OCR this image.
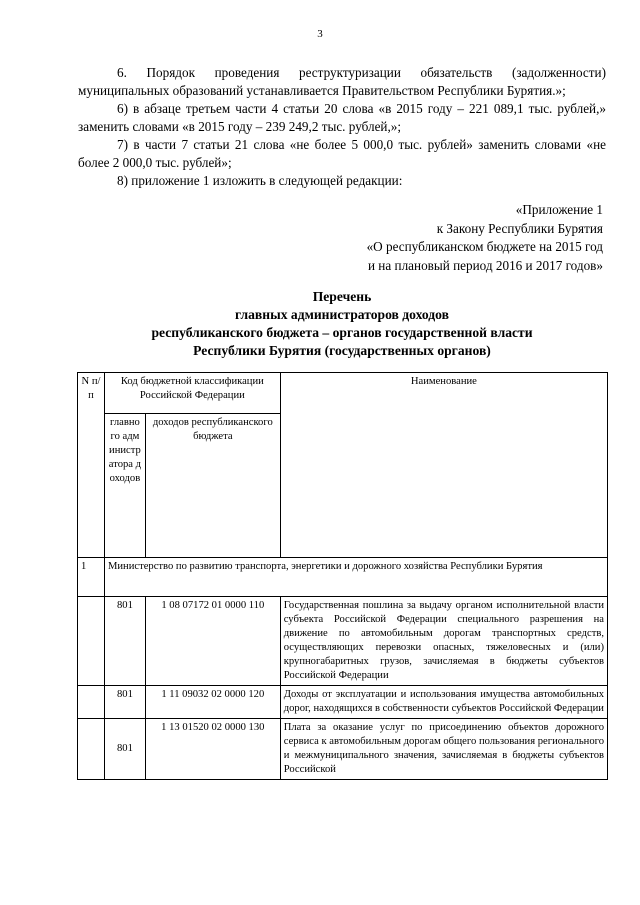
3
6. Порядок проведения реструктуризации обязательств (задолженности) муниципальных образований устанавливается Правительством Республики Бурятия.»;
6) в абзаце третьем части 4 статьи 20 слова «в 2015 году – 221 089,1 тыс. рублей,» заменить словами «в 2015 году – 239 249,2 тыс. рублей,»;
7) в части 7 статьи 21 слова «не более 5 000,0 тыс. рублей» заменить словами «не более 2 000,0 тыс. рублей»;
8) приложение 1 изложить в следующей редакции:
«Приложение 1
к Закону Республики Бурятия
«О республиканском бюджете на 2015 год
и на плановый период 2016 и 2017 годов»
Перечень
главных администраторов доходов
республиканского бюджета – органов государственной власти
Республики Бурятия (государственных органов)
N п/п	Код бюджетной классификации Российской Федерации		Наименование
	главного администратора доходов	доходов республиканского бюджета	
1	Министерство по развитию транспорта, энергетики и дорожного хозяйства Республики Бурятия		
	801	1 08 07172 01 0000 110	Государственная пошлина за выдачу органом исполнительной власти субъекта Российской Федерации специального разрешения на движение по автомобильным дорогам транспортных средств, осуществляющих перевозки опасных, тяжеловесных и (или) крупногабаритных грузов, зачисляемая в бюджеты субъектов Российской Федерации
	801	1 11 09032 02 0000 120	Доходы от эксплуатации и использования имущества автомобильных дорог, находящихся в собственности субъектов Российской Федерации
	801	1 13 01520 02 0000 130	Плата за оказание услуг по присоединению объектов дорожного сервиса к автомобильным дорогам общего пользования регионального и межмуниципального значения, зачисляемая в бюджеты субъектов Российской
